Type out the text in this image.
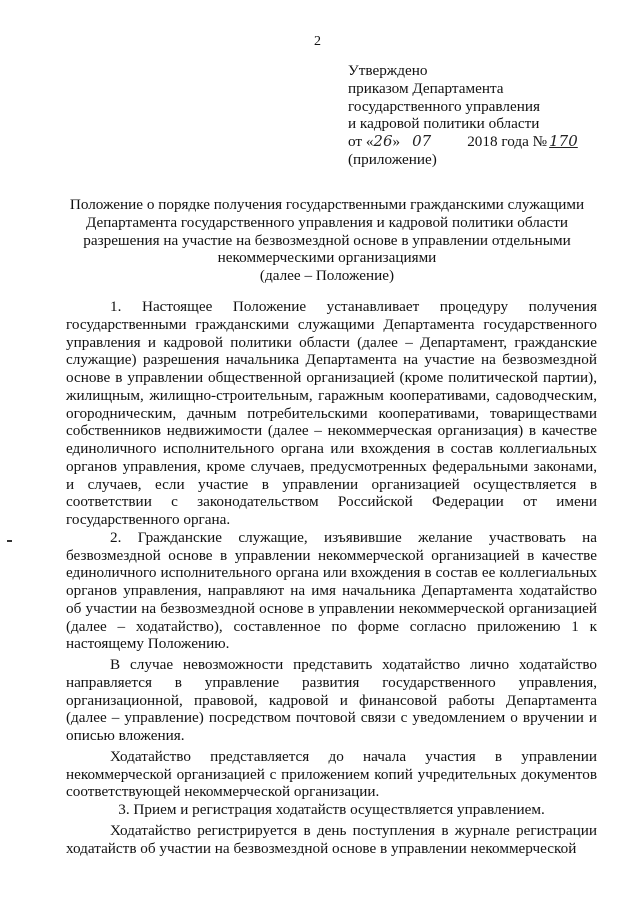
2
Утверждено
приказом Департамента
государственного управления
и кадровой политики области
от « 26 » 07 2018 года № 170
(приложение)
Положение о порядке получения государственными гражданскими служащими
Департамента государственного управления и кадровой политики области
разрешения на участие на безвозмездной основе в управлении отдельными
некоммерческими организациями
(далее – Положение)

1. Настоящее Положение устанавливает процедуру получения государственными гражданскими служащими Департамента государственного управления и кадровой политики области (далее – Департамент, гражданские служащие) разрешения начальника Департамента на участие на безвозмездной основе в управлении общественной организацией (кроме политической партии), жилищным, жилищно-строительным, гаражным кооперативами, садоводческим, огородническим, дачным потребительскими кооперативами, товариществами собственников недвижимости (далее – некоммерческая организация) в качестве единоличного исполнительного органа или вхождения в состав коллегиальных органов управления, кроме случаев, предусмотренных федеральными законами, и случаев, если участие в управлении организацией осуществляется в соответствии с законодательством Российской Федерации от имени государственного органа.

2. Гражданские служащие, изъявившие желание участвовать на безвозмездной основе в управлении некоммерческой организацией в качестве единоличного исполнительного органа или вхождения в состав ее коллегиальных органов управления, направляют на имя начальника Департамента ходатайство об участии на безвозмездной основе в управлении некоммерческой организацией (далее – ходатайство), составленное по форме согласно приложению 1 к настоящему Положению.

В случае невозможности представить ходатайство лично ходатайство направляется в управление развития государственного управления, организационной, правовой, кадровой и финансовой работы Департамента (далее – управление) посредством почтовой связи с уведомлением о вручении и описью вложения.

Ходатайство представляется до начала участия в управлении некоммерческой организацией с приложением копий учредительных документов соответствующей некоммерческой организации.

3. Прием и регистрация ходатайств осуществляется управлением.

Ходатайство регистрируется в день поступления в журнале регистрации ходатайств об участии на безвозмездной основе в управлении некоммерческой
